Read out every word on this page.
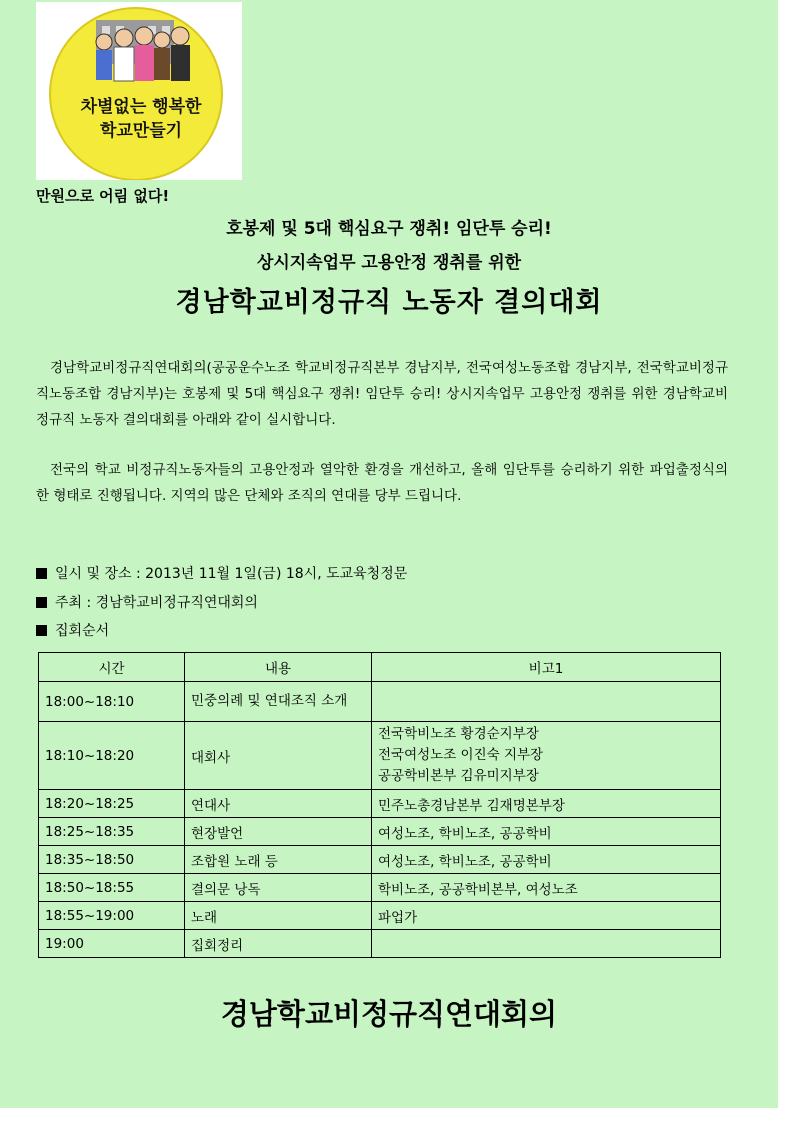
차별없는 행복한
학교만들기
만원으로 어림 없다!
호봉제 및 5대 핵심요구 쟁취! 임단투 승리!
상시지속업무 고용안정 쟁취를 위한
경남학교비정규직 노동자 결의대회
경남학교비정규직연대회의(공공운수노조 학교비정규직본부 경남지부, 전국여성노동조합 경남지부, 전국학교비정규직노동조합 경남지부)는 호봉제 및 5대 핵심요구 쟁취! 임단투 승리! 상시지속업무 고용안정 쟁취를 위한 경남학교비정규직 노동자 결의대회를 아래와 같이 실시합니다.
전국의 학교 비정규직노동자들의 고용안정과 열악한 환경을 개선하고, 올해 임단투를 승리하기 위한 파업출정식의 한 형태로 진행됩니다. 지역의 많은 단체와 조직의 연대를 당부 드립니다.
일시 및 장소 : 2013년 11월 1일(금) 18시, 도교육청정문
주최 : 경남학교비정규직연대회의
집회순서
시간	내용	비고1
18:00~18:10	민중의례 및 연대조직 소개	
18:10~18:20	대회사	전국학비노조 황경순지부장
전국여성노조 이진숙 지부장
공공학비본부 김유미지부장

18:20~18:25	연대사	민주노총경남본부 김재명본부장
18:25~18:35	현장발언	여성노조, 학비노조, 공공학비
18:35~18:50	조합원 노래 등	여성노조, 학비노조, 공공학비
18:50~18:55	결의문 낭독	학비노조, 공공학비본부, 여성노조
18:55~19:00	노래	파업가
19:00	집회정리	
경남학교비정규직연대회의
